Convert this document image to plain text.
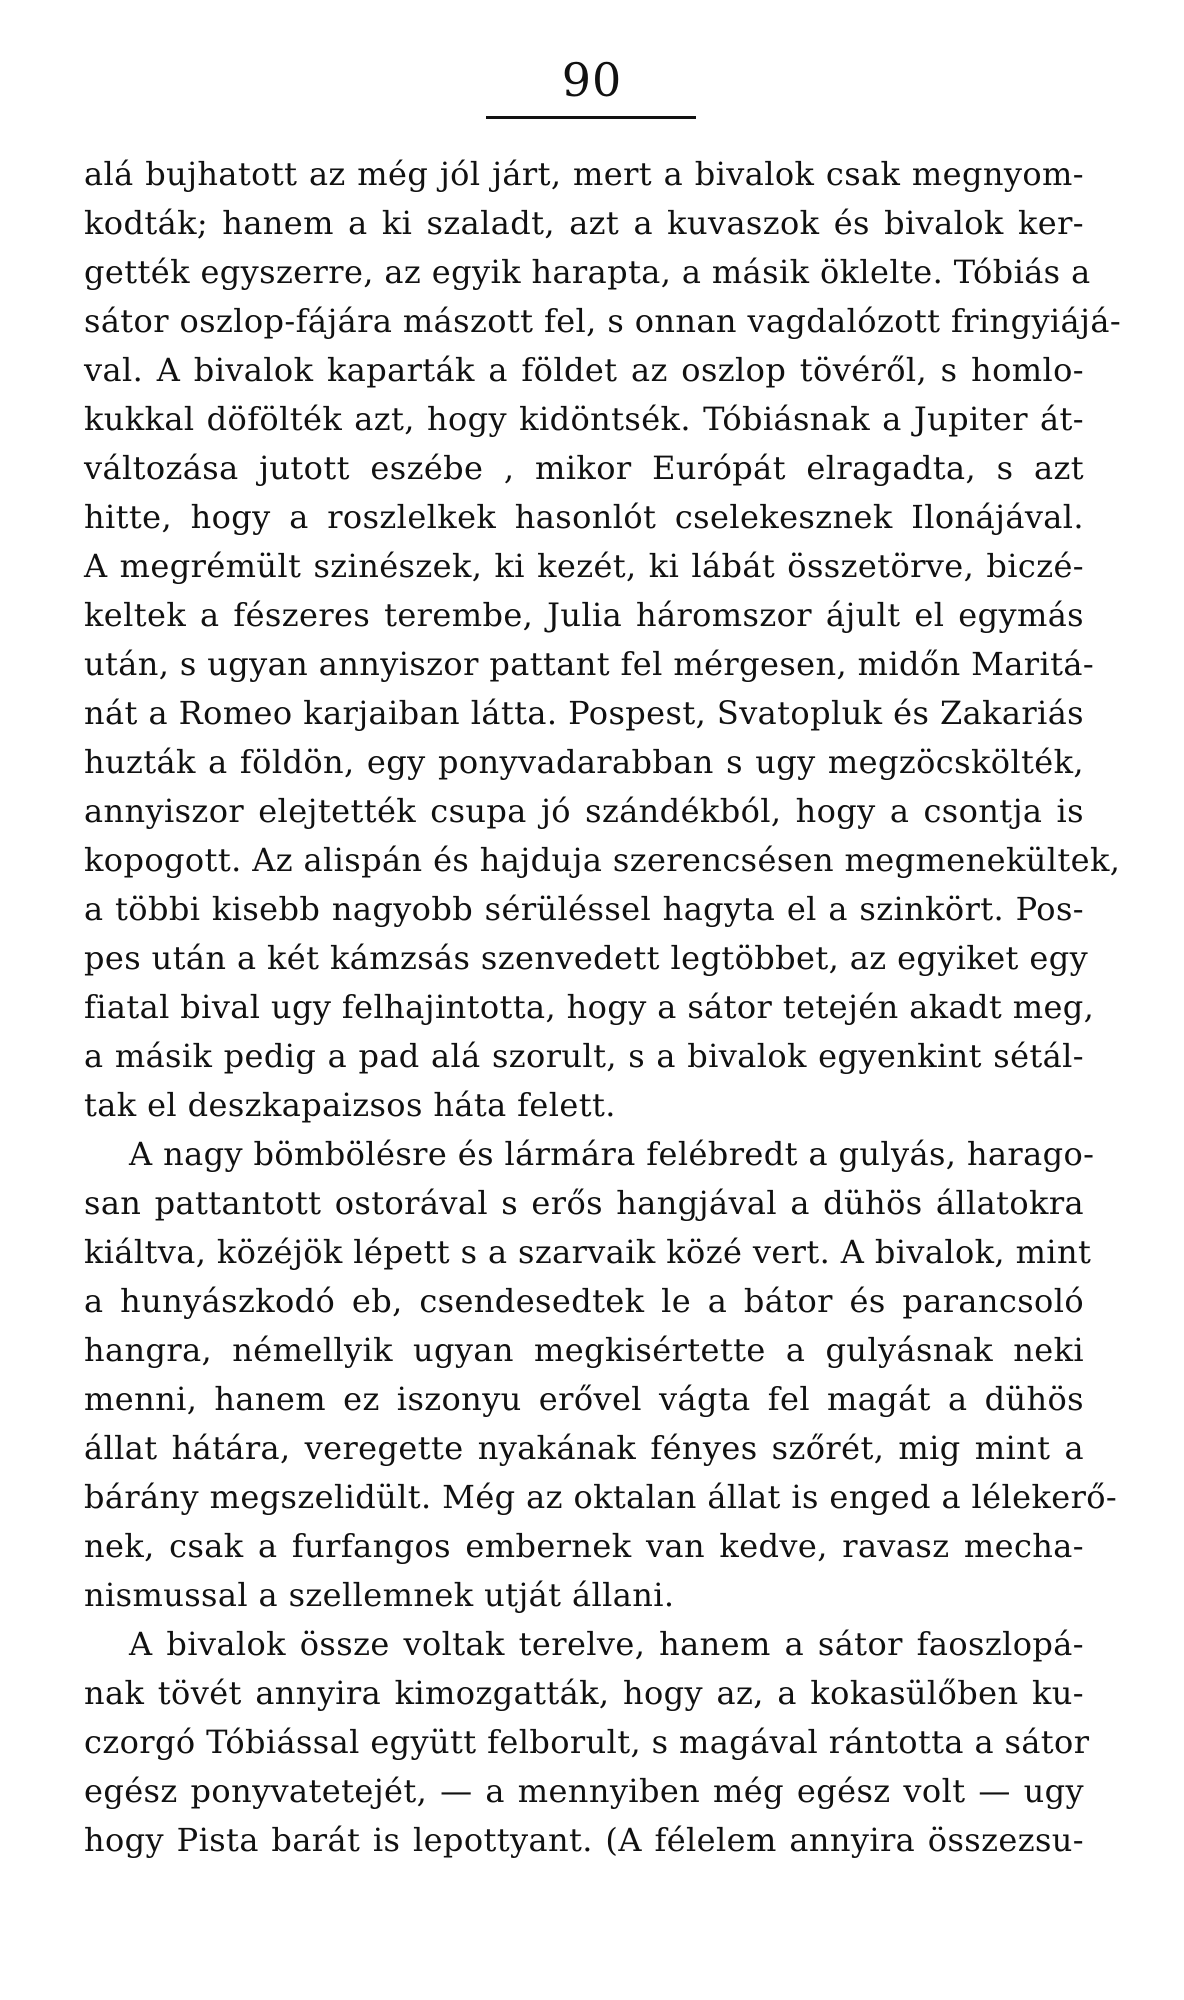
90
alá bujhatott az még jól járt, mert a bivalok csak megnyom-
kodták; hanem a ki szaladt, azt a kuvaszok és bivalok ker-
gették egyszerre, az egyik harapta, a másik öklelte. Tóbiás a
sátor oszlop-fájára mászott fel, s onnan vagdalózott fringyiájá-
val. A bivalok kaparták a földet az oszlop tövéről, s homlo-
kukkal döfölték azt, hogy kidöntsék. Tóbiásnak a Jupiter át-
változása jutott eszébe , mikor Európát elragadta, s azt
hitte, hogy a roszlelkek hasonlót cselekesznek Ilonájával.
A megrémült szinészek, ki kezét, ki lábát összetörve, biczé-
keltek a fészeres terembe, Julia háromszor ájult el egymás
után, s ugyan annyiszor pattant fel mérgesen, midőn Maritá-
nát a Romeo karjaiban látta. Pospest, Svatopluk és Zakariás
huzták a földön, egy ponyvadarabban s ugy megzöcskölték,
annyiszor elejtették csupa jó szándékból, hogy a csontja is
kopogott. Az alispán és hajduja szerencsésen megmenekültek,
a többi kisebb nagyobb sérüléssel hagyta el a szinkört. Pos-
pes után a két kámzsás szenvedett legtöbbet, az egyiket egy
fiatal bival ugy felhajintotta, hogy a sátor tetején akadt meg,
a másik pedig a pad alá szorult, s a bivalok egyenkint sétál-
tak el deszkapaizsos háta felett.
A nagy bömbölésre és lármára felébredt a gulyás, harago-
san pattantott ostorával s erős hangjával a dühös állatokra
kiáltva, közéjök lépett s a szarvaik közé vert. A bivalok, mint
a hunyászkodó eb, csendesedtek le a bátor és parancsoló
hangra, némellyik ugyan megkisértette a gulyásnak neki
menni, hanem ez iszonyu erővel vágta fel magát a dühös
állat hátára, veregette nyakának fényes szőrét, mig mint a
bárány megszelidült. Még az oktalan állat is enged a lélekerő-
nek, csak a furfangos embernek van kedve, ravasz mecha-
nismussal a szellemnek utját állani.
A bivalok össze voltak terelve, hanem a sátor faoszlopá-
nak tövét annyira kimozgatták, hogy az, a kokasülőben ku-
czorgó Tóbiással együtt felborult, s magával rántotta a sátor
egész ponyvatetejét, — a mennyiben még egész volt — ugy
hogy Pista barát is lepottyant. (A félelem annyira összezsu-
